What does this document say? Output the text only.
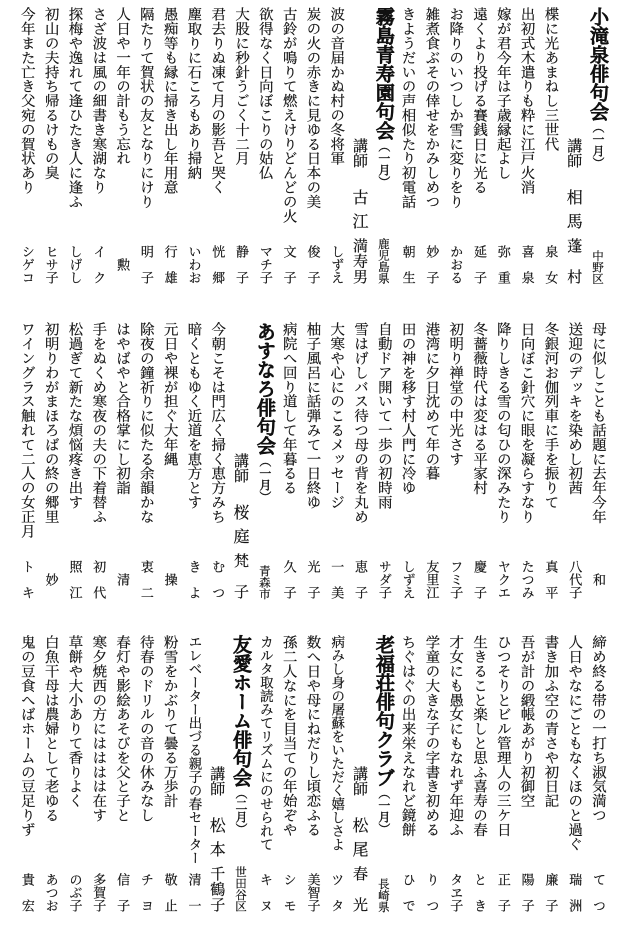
小滝泉俳句会（一月）
中野区
講師
相馬
蓬村
楪に光あまねし三世代
泉女
出初式木遣りも粋に江戸火消
喜泉
嫁が君今年は子歳縁起よし
弥重
遠くより投げる賽銭日に光る
延子
お降りのいつしか雪に変りをり
かおる
雑煮食ぶその倖せをかみしめつ
妙子
きようだいの声相似たり初電話
朝生
霧島青寿園句会（一月）
鹿児島県
講師
古江
満寿男
波の音届かぬ村の冬将軍
しずえ
炭の火の赤きに見ゆる日本の美
俊子
古鈴が鳴りて燃えけりどんどの火
文子
欲得なく日向ぼこりの姑仏
マチ子
大股に秒針うごく十二月
静子
君去りぬ凍て月の影吾と哭く
恍郷
塵取りに石ころもあり掃納
いわお
愚痴等も縁に掃き出し年用意
行雄
隔たりて賀状の友となりにけり
明子
人日や一年の計もう忘れ
勲
さざ波は風の細書き寒湖なり
イク
探梅や逸れて逢ひたき人に逢ふ
しげし
初山の夫持ち帰るけもの臭
ヒサ子
今年また亡き父宛の賀状あり
シゲコ
母に似しことも話題に去年今年
和
送迎のデッキを染めし初茜
八代子
冬銀河お伽列車に手を振りて
真平
日向ぼこ針穴に眼を凝らすなり
たつみ
降りしきる雪の匂ひの深みたり
ヤクエ
冬薔薇時代は変はる平家村
慶子
初明り禅堂の中光さす
フミ子
港湾に夕日沈めて年の暮
友里江
田の神を移す村人門に冷ゆ
しずえ
自動ドア開いて一歩の初時雨
サダ子
雪はげしバス待つ母の背を丸め
恵子
大寒や心にのこるメッセージ
一美
柚子風呂に話弾みて一日終ゆ
光子
病院へ回り道して年暮るる
久子
あすなろ俳句会（一月）
青森市
講師
桜庭
梵子
今朝こそは門広く掃く恵方みち
むつ
暗くともゆく近道を恵方とす
きよ
元日や裸が担ぐ大年縄
操
除夜の鐘祈りに似たる余韻かな
衷二
はやばやと合格掌にし初詣
清
手をぬくめ寒夜の夫の下着替ふ
初代
松過ぎて新たな煩悩疼き出す
照江
初明りわがまほろばの終の郷里
妙
ワイングラス触れて二人の女正月
トキ
締め終る帯の一打ち淑気満つ
てつ
人日やなにごともなくほのと過ぐ
瑞洲
書き加ふ空の青さや初日記
廉子
吾が計の緞帳あがり初御空
陽子
ひつそりとビル管理人の三ケ日
正子
生きること楽しと思ふ喜寿の春
とき
才女にも愚女にもなれず年迎ふ
タヱ子
学童の大きな子の字書き初める
りつ
ちぐはぐの出来栄えなれど鏡餅
ひで
老福荘俳句クラブ（一月）
長崎県
講師
松尾
春光
病みし身の屠蘇をいただく嬉しさよ
ツタ
数へ日や母にねだりし頃恋ふる
美智子
孫二人なにを目当ての年始ぞや
シモ
カルタ取読みてリズムにのせられて
キヌ
友愛ホーム俳句会（二月）
世田谷区
講師
松本
千鶴子
エレベーター出づる親子の春セーター
清一
粉雪をかぶりて曇る万歩計
敬止
待春のドリルの音の休みなし
チヨ
春灯や影絵あそびを父と子と
信子
寒夕焼西の方にはははは在す
多賀子
草餅や大小ありて香りよく
のぶ子
白魚干母は農婦として老ゆる
あつお
鬼の豆食へばホームの豆足りず
貴宏
